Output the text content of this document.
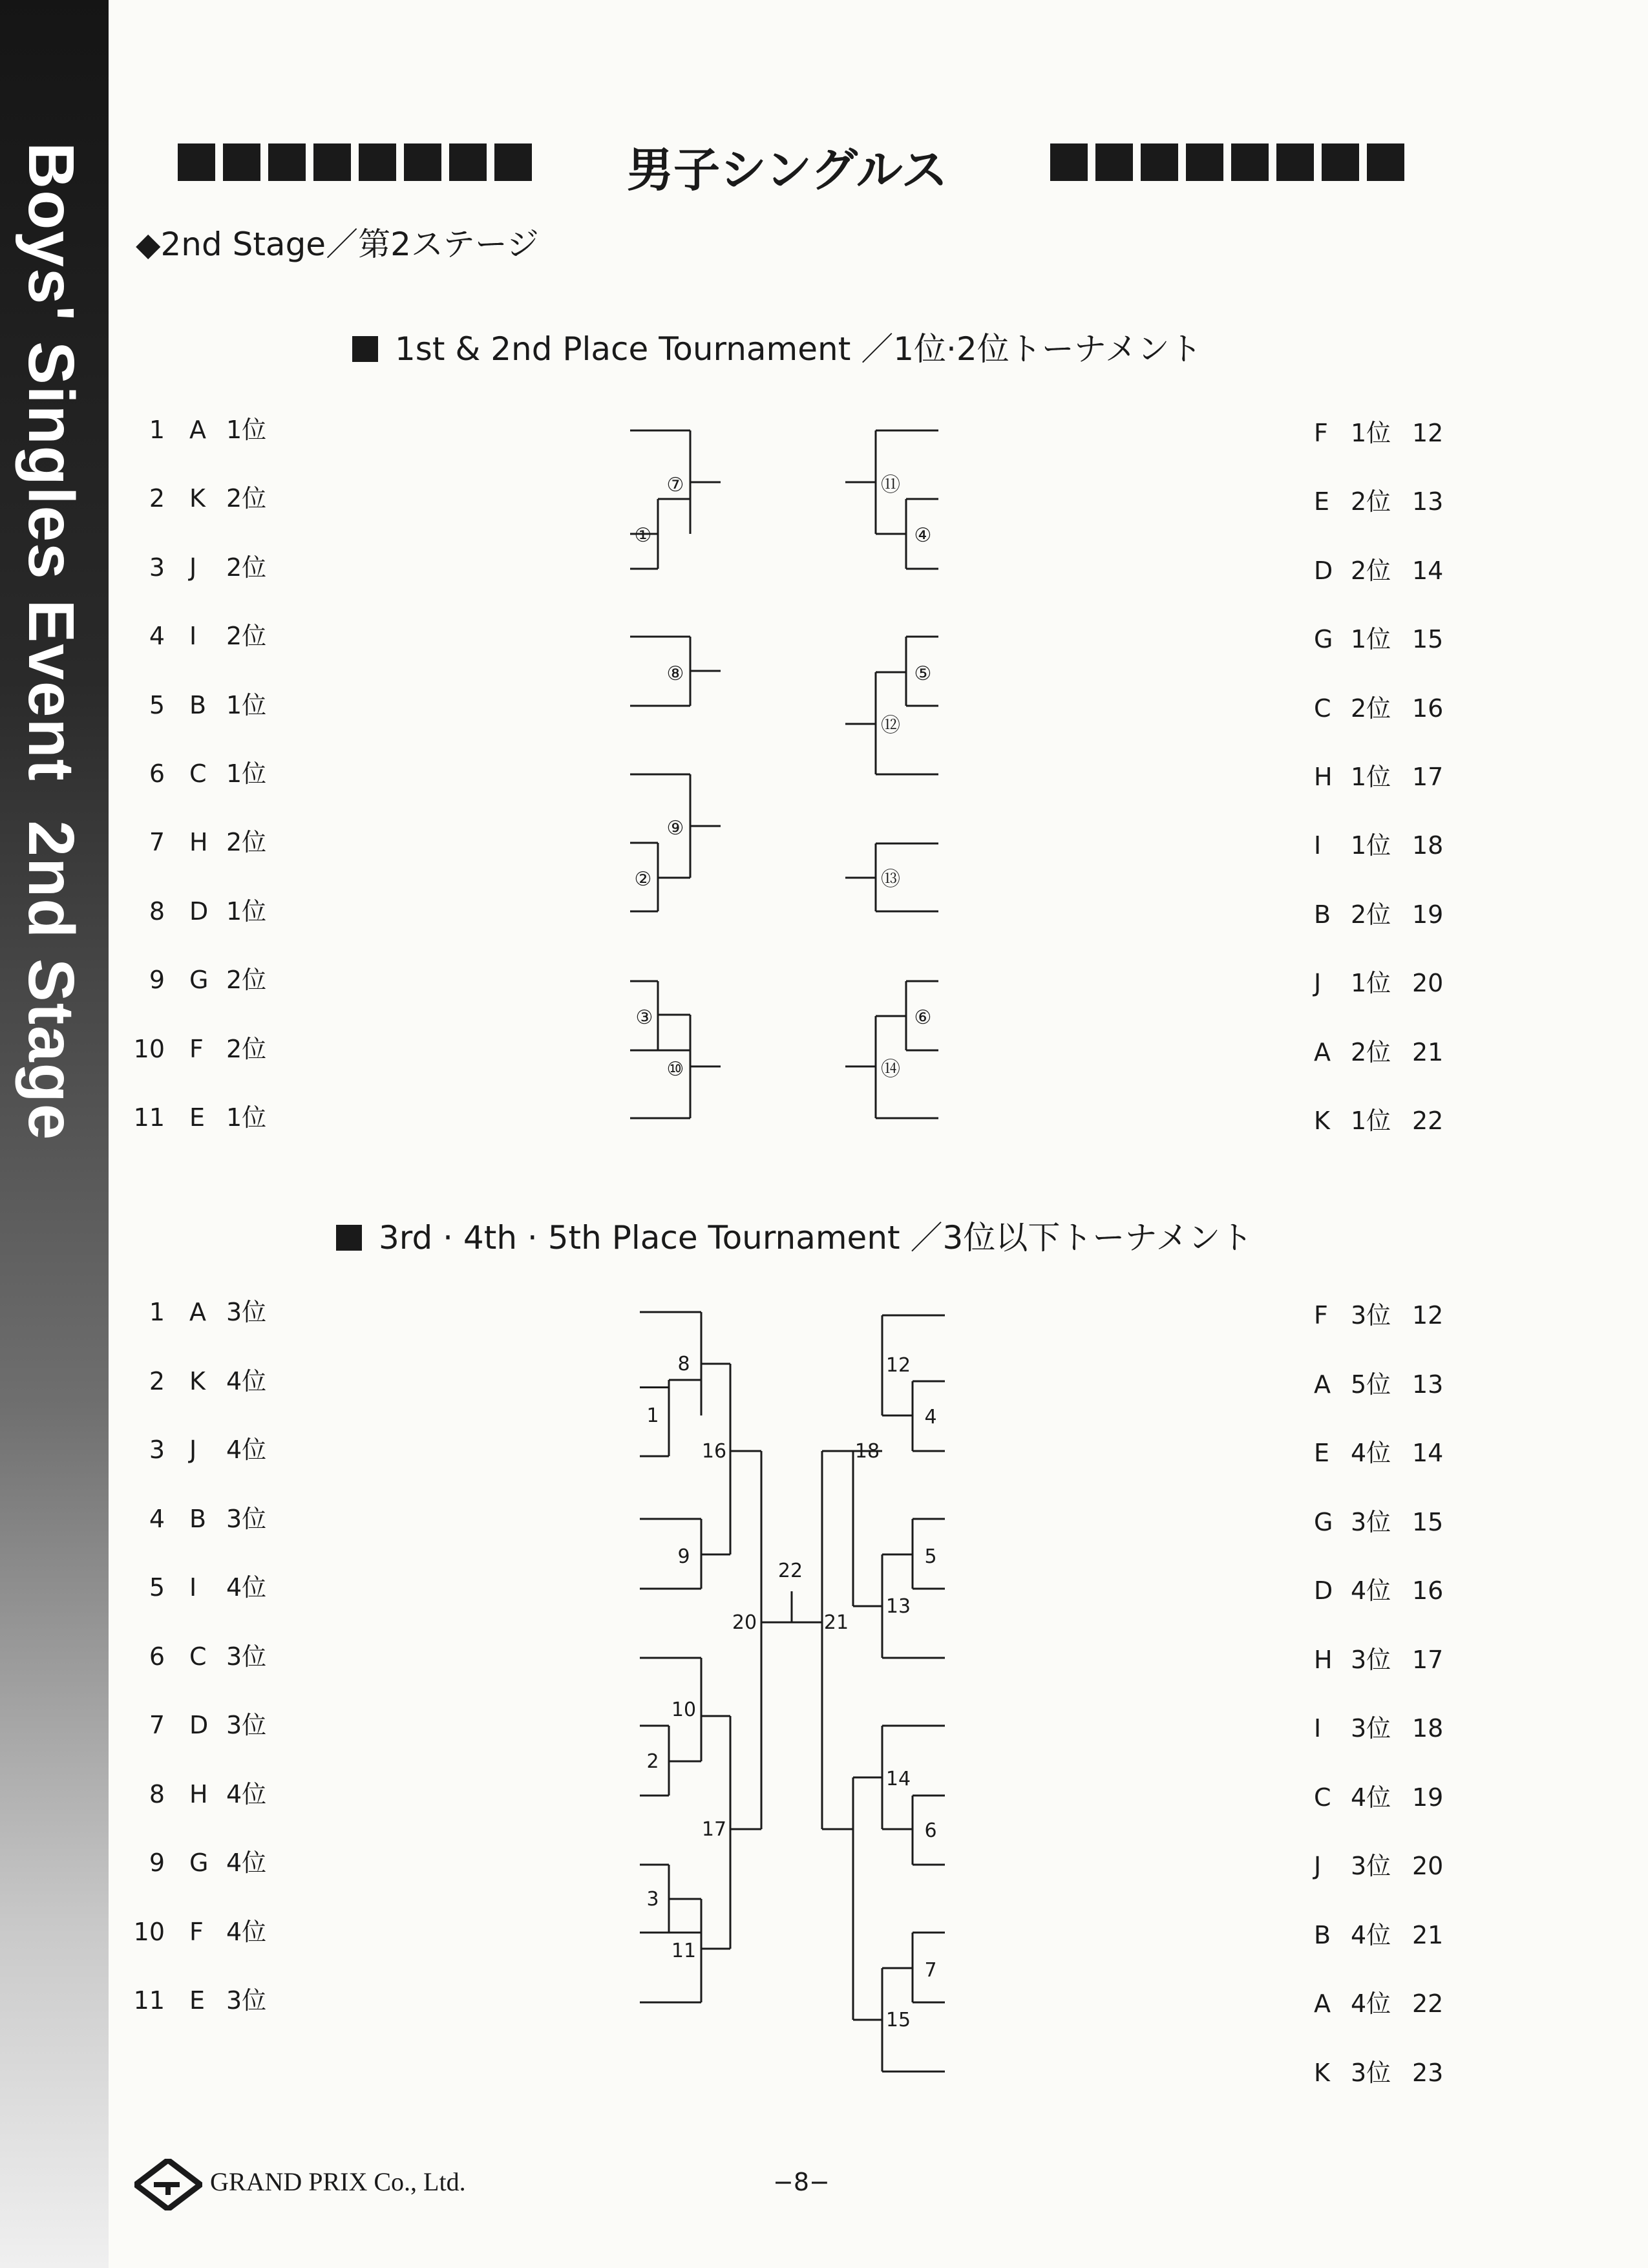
Boys' Singles Event  2nd Stage	男子シングルス
◆2nd Stage／第2ステージ
1st & 2nd Place Tournament ／1位·2位トーナメント
3rd · 4th · 5th Place Tournament ／3位以下トーナメント
1 A 1位
2 K 2位
3 J 2位
4 I 2位
5 B 1位
6 C 1位
7 H 2位
8 D 1位
9 G 2位
10 F 2位
11 E 1位
F 1位 12
E 2位 13
D 2位 14
G 1位 15
C 2位 16
H 1位 17
I 1位 18
B 2位 19
J 1位 20
A 2位 21
K 1位 22
1 A 3位
2 K 4位
3 J 4位
4 B 3位
5 I 4位
6 C 3位
7 D 3位
8 H 4位
9 G 4位
10 F 4位
11 E 3位
F 3位 12
A 5位 13
E 4位 14
G 3位 15
D 4位 16
H 3位 17
I 3位 18
C 4位 19
J 3位 20
B 4位 21
A 4位 22
K 3位 23
⑦
①
⑧
⑨
②
③
⑩
⑪
④
⑤
⑫
⑬
⑥
⑭
8
1
9
16
10
2
3
11
17
20
22
21
12
4
18
5
13
14
6
7
15
GRAND PRIX Co., Ltd.	−8−
